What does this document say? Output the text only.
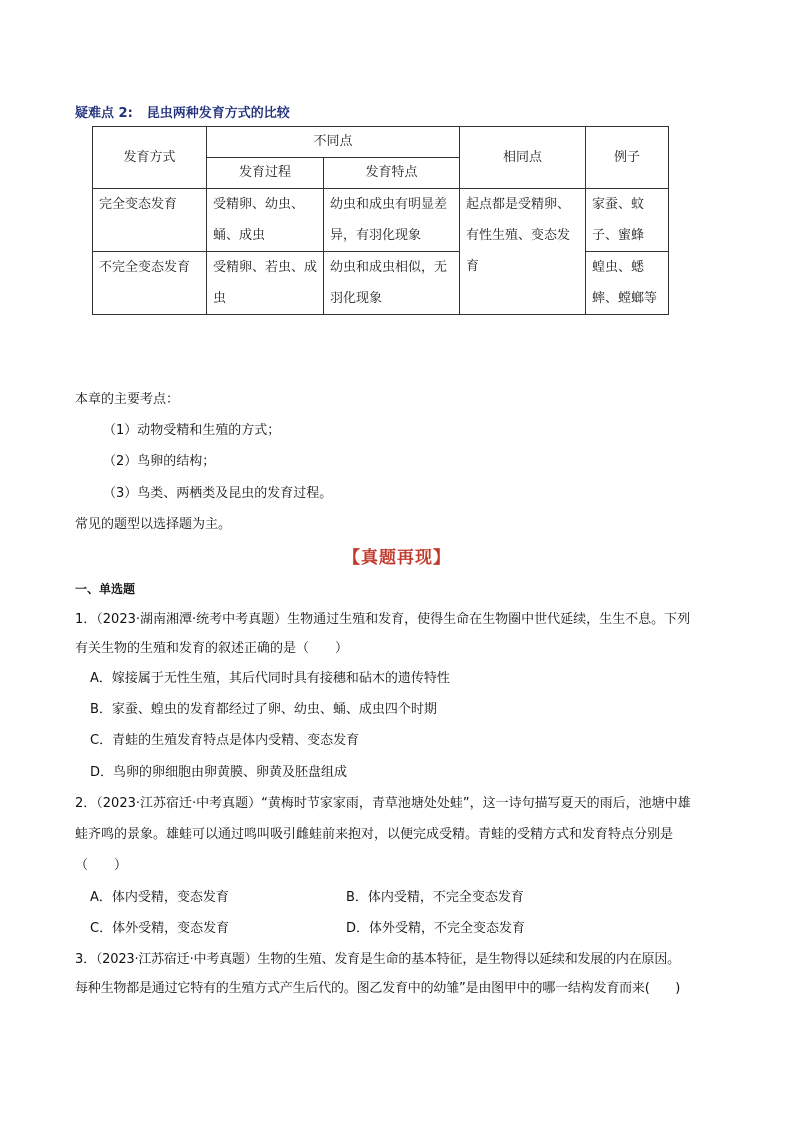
疑难点 2: 昆虫两种发育方式的比较
发育方式	不同点		相同点	例子
	发育过程	发育特点		
完全变态发育	受精卵、幼虫、蛹、成虫	幼虫和成虫有明显差异，有羽化现象	起点都是受精卵、有性生殖、变态发育	家蚕、蚊子、蜜蜂
不完全变态发育	受精卵、若虫、成虫	幼虫和成虫相似，无羽化现象		蝗虫、蟋蟀、螳螂等
本章的主要考点：
（1）动物受精和生殖的方式；
（2）鸟卵的结构；
（3）鸟类、两栖类及昆虫的发育过程。
常见的题型以选择题为主。
【真题再现】
一、单选题
1．（2023·湖南湘潭·统考中考真题）生物通过生殖和发育，使得生命在生物圈中世代延续，生生不息。下列
有关生物的生殖和发育的叙述正确的是（　　）
A．嫁接属于无性生殖，其后代同时具有接穗和砧木的遗传特性
B．家蚕、蝗虫的发育都经过了卵、幼虫、蛹、成虫四个时期
C．青蛙的生殖发育特点是体内受精、变态发育
D．鸟卵的卵细胞由卵黄膜、卵黄及胚盘组成
2．（2023·江苏宿迁·中考真题）“黄梅时节家家雨，青草池塘处处蛙”，这一诗句描写夏天的雨后，池塘中雄
蛙齐鸣的景象。雄蛙可以通过鸣叫吸引雌蛙前来抱对，以便完成受精。青蛙的受精方式和发育特点分别是
（　　）
A．体内受精，变态发育	B．体内受精，不完全变态发育
C．体外受精，变态发育	D．体外受精，不完全变态发育
3．（2023·江苏宿迁·中考真题）生物的生殖、发育是生命的基本特征，是生物得以延续和发展的内在原因。
每种生物都是通过它特有的生殖方式产生后代的。图乙发育中的幼雏”是由图甲中的哪一结构发育而来(　　)
